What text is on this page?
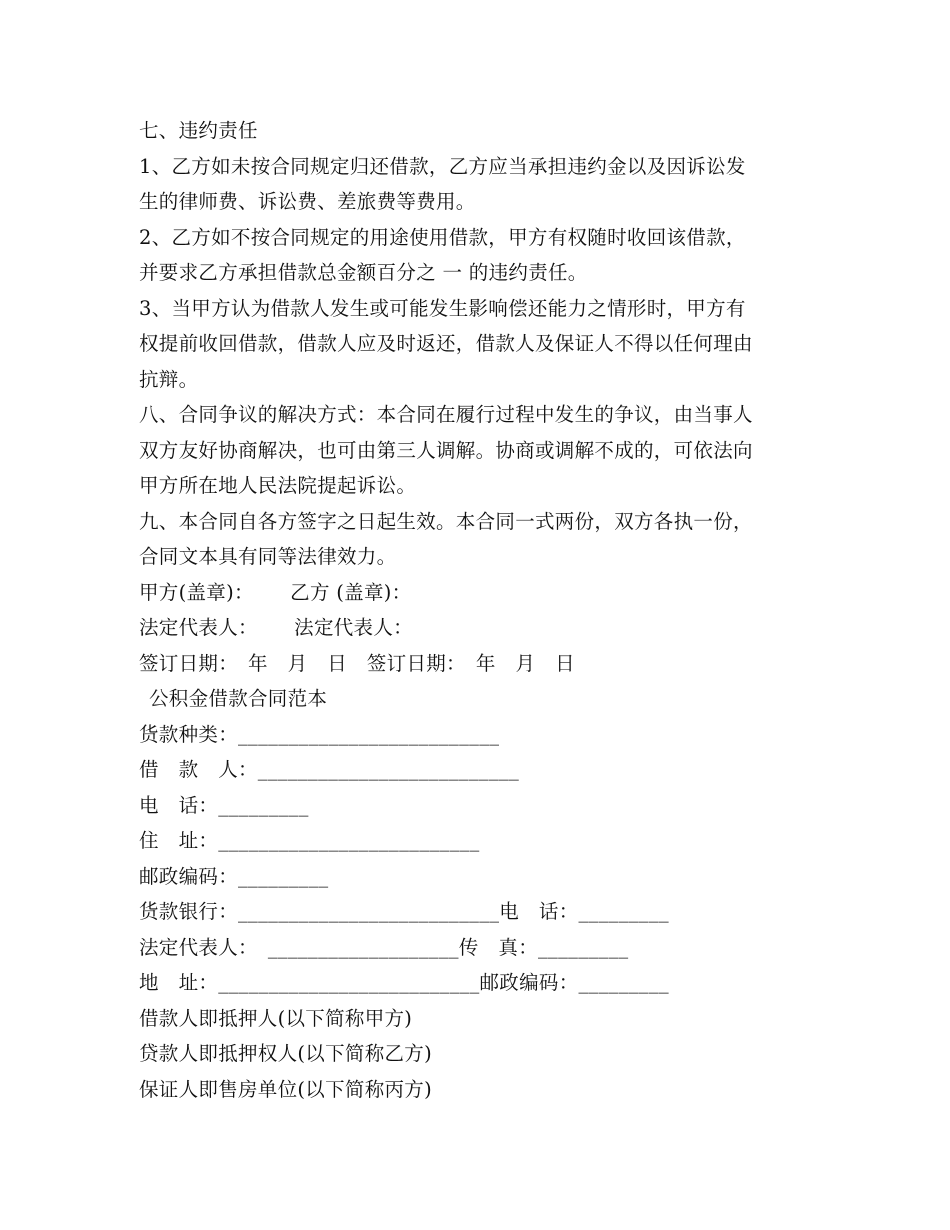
七、违约责任
1、乙方如未按合同规定归还借款，乙方应当承担违约金以及因诉讼发
生的律师费、诉讼费、差旅费等费用。
2、乙方如不按合同规定的用途使用借款，甲方有权随时收回该借款，
并要求乙方承担借款总金额百分之 一 的违约责任。
3、当甲方认为借款人发生或可能发生影响偿还能力之情形时，甲方有
权提前收回借款，借款人应及时返还，借款人及保证人不得以任何理由
抗辩。
八、合同争议的解决方式：本合同在履行过程中发生的争议，由当事人
双方友好协商解决，也可由第三人调解。协商或调解不成的，可依法向
甲方所在地人民法院提起诉讼。
九、本合同自各方签字之日起生效。本合同一式两份，双方各执一份，
合同文本具有同等法律效力。
甲方(盖章)：　　 乙方 (盖章)：
法定代表人：　　 法定代表人：
签订日期：　年　月　日　签订日期：　年　月　日
公积金借款合同范本
货款种类：__________________________
借　款　人：__________________________
电　话：_________
住　址：__________________________
邮政编码：_________
货款银行：__________________________电　话：_________
法定代表人：　___________________传　真：_________
地　址：__________________________邮政编码：_________
借款人即抵押人(以下简称甲方)
贷款人即抵押权人(以下简称乙方)
保证人即售房单位(以下简称丙方)
